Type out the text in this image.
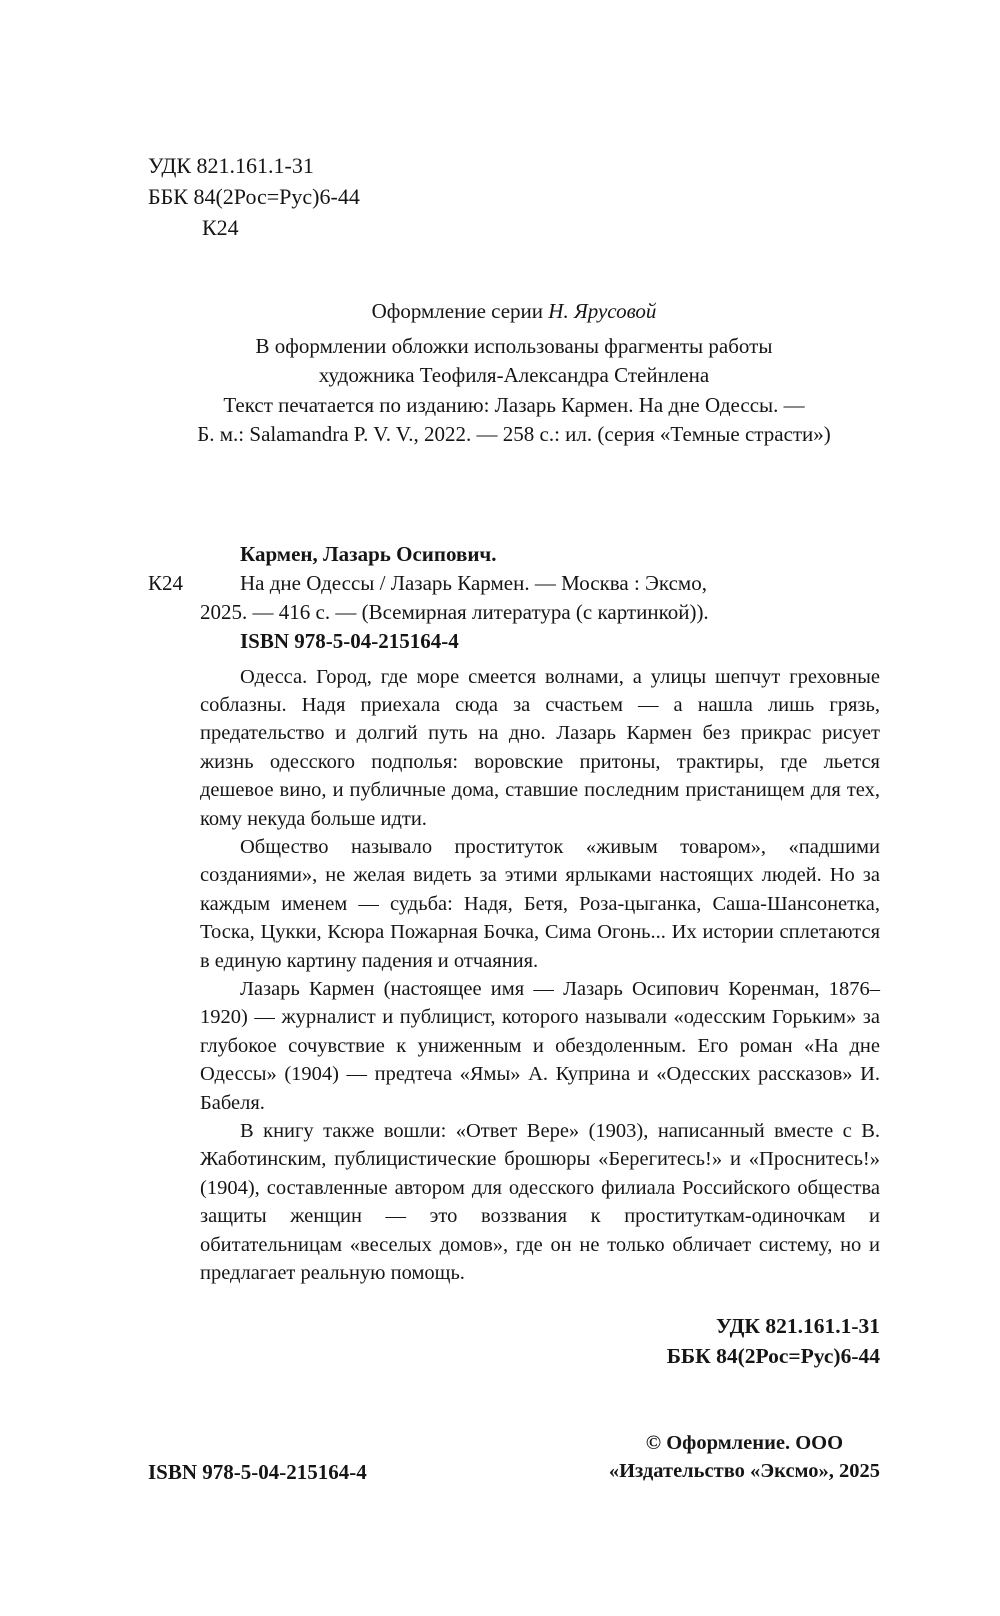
УДК 821.161.1-31
ББК 84(2Рос=Рус)6-44
К24

Оформление серии Н. Ярусовой

В оформлении обложки использованы фрагменты работы

художника Теофиля-Александра Стейнлена

Текст печатается по изданию: Лазарь Кармен. На дне Одессы. —

Б. м.: Salamandra P. V. V., 2022. — 258 с.: ил. (серия «Темные страсти»)

К24

Кармен, Лазарь Осипович.

На дне Одессы / Лазарь Кармен. — Москва : Эксмо,

2025. — 416 с. — (Всемирная литература (с картинкой)).

ISBN 978-5-04-215164-4

Одесса. Город, где море смеется волнами, а улицы шепчут греховные соблазны. Надя приехала сюда за счастьем — а нашла лишь грязь, предательство и долгий путь на дно. Лазарь Кармен без прикрас рисует жизнь одесского подполья: воровские притоны, трактиры, где льется дешевое вино, и публичные дома, ставшие последним пристанищем для тех, кому некуда больше идти.

Общество называло проституток «живым товаром», «падшими созданиями», не желая видеть за этими ярлыками настоящих людей. Но за каждым именем — судьба: Надя, Бетя, Роза-цыганка, Саша-Шансонетка, Тоска, Цукки, Ксюра Пожарная Бочка, Сима Огонь... Их истории сплетаются в единую картину падения и отчаяния.

Лазарь Кармен (настоящее имя — Лазарь Осипович Коренман, 1876–1920) — журналист и публицист, которого называли «одесским Горьким» за глубокое сочувствие к униженным и обездоленным. Его роман «На дне Одессы» (1904) — предтеча «Ямы» А. Куприна и «Одесских рассказов» И. Бабеля.

В книгу также вошли: «Ответ Вере» (1903), написанный вместе с В. Жаботинским, публицистические брошюры «Берегитесь!» и «Проснитесь!» (1904), составленные автором для одесского филиала Российского общества защиты женщин — это воззвания к проституткам-одиночкам и обитательницам «веселых домов», где он не только обличает систему, но и предлагает реальную помощь.

УДК 821.161.1-31
ББК 84(2Рос=Рус)6-44
ISBN 978-5-04-215164-4
© Оформление. ООО
«Издательство «Эксмо», 2025
